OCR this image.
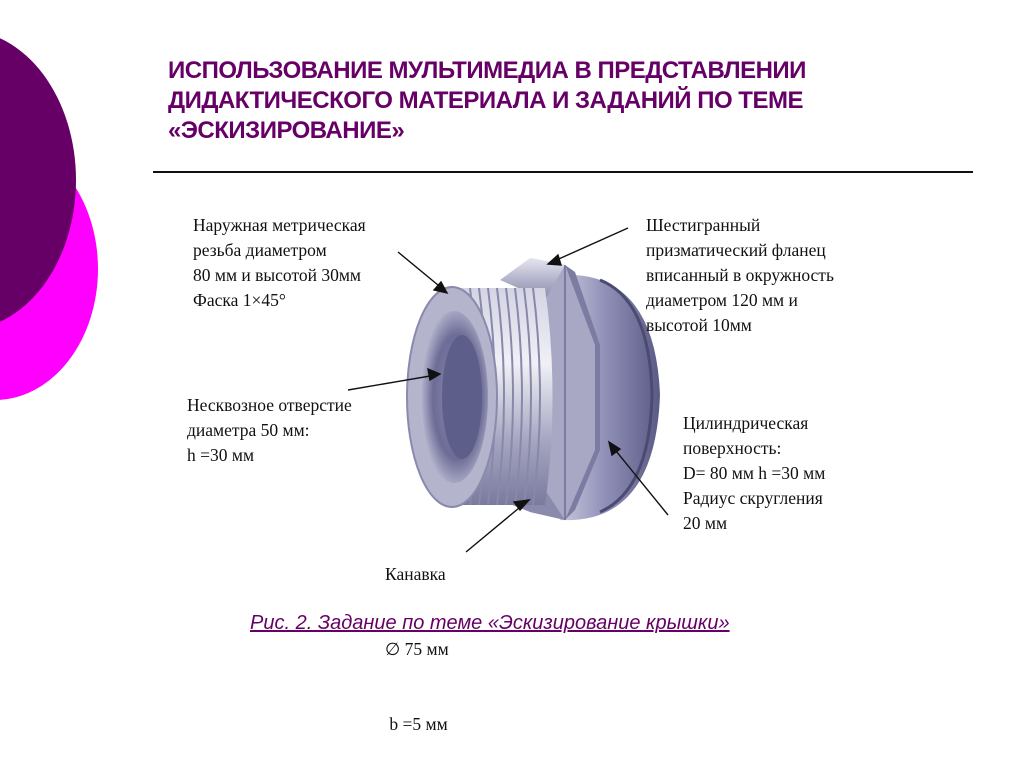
ИСПОЛЬЗОВАНИЕ МУЛЬТИМЕДИА В ПРЕДСТАВЛЕНИИ
ДИДАКТИЧЕСКОГО МАТЕРИАЛА И ЗАДАНИЙ ПО ТЕМЕ
«ЭСКИЗИРОВАНИЕ»
Наружная метрическая
резьба диаметром
80 мм и высотой 30мм
Фаска 1×45°
Шестигранный
призматический фланец
вписанный в окружность
диаметром 120 мм и
высотой 10мм
Несквозное отверстие
диаметра 50 мм:
h =30 мм
Цилиндрическая
поверхность:
D= 80 мм h =30 мм
Радиус скругления
20 мм

Канавка

∅ 75 мм

b =5 мм

Рис. 2. Задание по теме «Эскизирование крышки»
